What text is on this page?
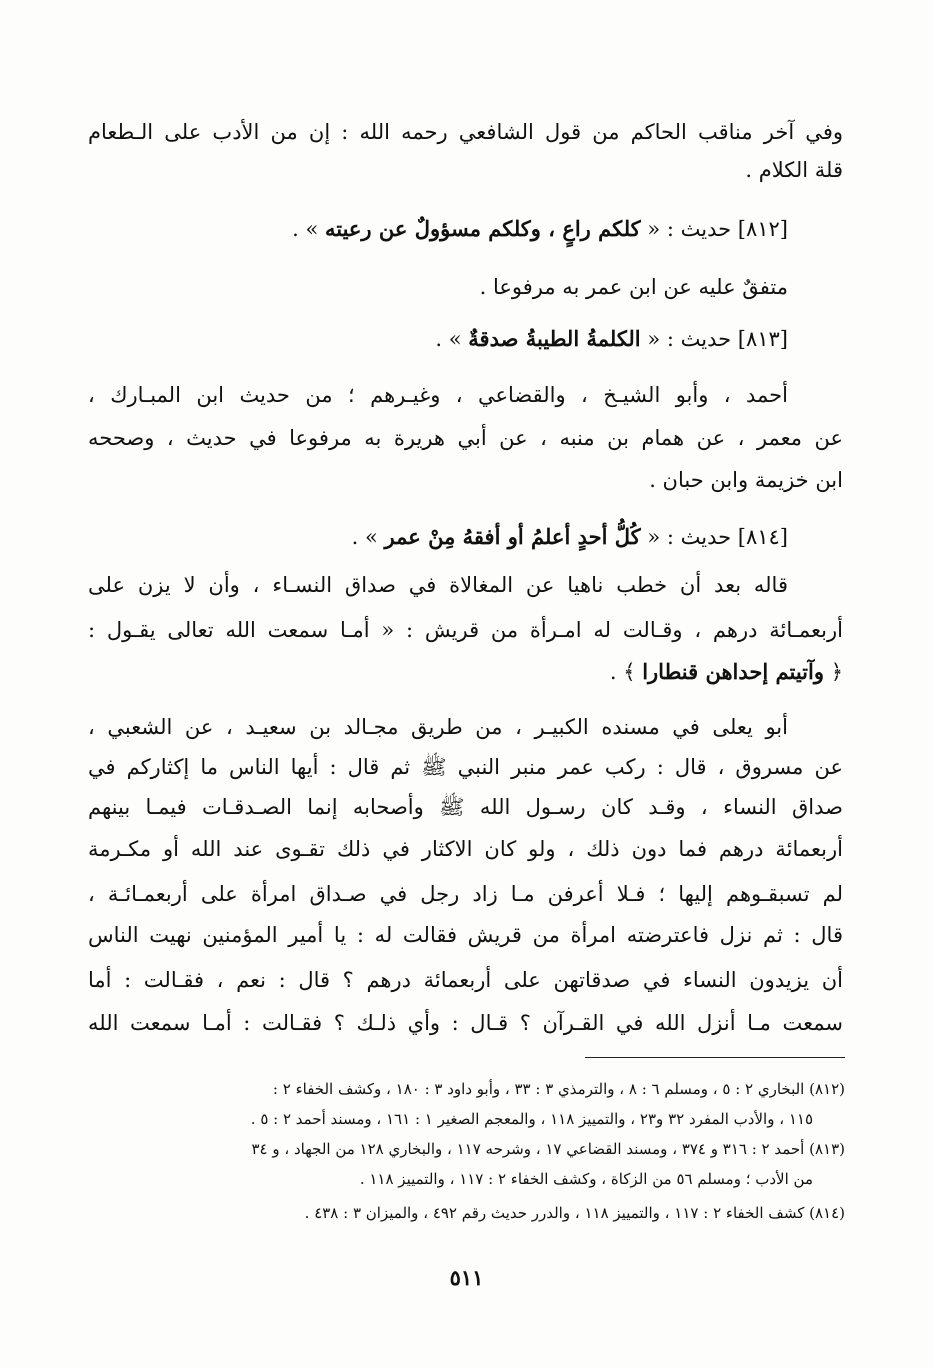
وفي آخر مناقب الحاكم من قول الشافعي رحمه الله : إن من الأدب على الـطعام
قلة الكلام .
[٨١٢] حديث : « كلكم راعٍ ، وكلكم مسؤولٌ عن رعيته » .
متفقٌ عليه عن ابن عمر به مرفوعا .
[٨١٣] حديث : « الكلمةُ الطيبةُ صدقةٌ » .
أحمد ، وأبو الشيـخ ، والقضاعي ، وغيـرهم ؛ من حديث ابن المبـارك ،
عن معمر ، عن همام بن منبه ، عن أبي هريرة به مرفوعا في حديث ، وصححه
ابن خزيمة وابن حبان .
[٨١٤] حديث : « كُلُّ أحدٍ أعلمُ أو أفقهُ مِنْ عمر » .
قاله بعد أن خطب ناهيا عن المغالاة في صداق النسـاء ، وأن لا يزن على
أربعمـائة درهم ، وقـالت له امـرأة من قريش : « أمـا سمعت الله تعالى يقـول :
﴿ وآتيتم إحداهن قنطارا ﴾ .
أبو يعلى في مسنده الكبيـر ، من طريق مجـالد بن سعيـد ، عن الشعبي ،
عن مسروق ، قال : ركب عمر منبر النبي ﷺ ثم قال : أيها الناس ما إكثاركم في
صداق النساء ، وقـد كان رسـول الله ﷺ وأصحابه إنما الصـدقـات فيمـا بينهم
أربعمائة درهم فما دون ذلك ، ولو كان الاكثار في ذلك تقـوى عند الله أو مكـرمة
لم تسبقـوهم إليها ؛ فـلا أعرفن مـا زاد رجل في صـداق امرأة على أربعمـائـة ،
قال : ثم نزل فاعترضته امرأة من قريش فقالت له : يا أمير المؤمنين نهيت الناس
أن يزيدون النساء في صدقاتهن على أربعمائة درهم ؟ قال : نعم ، فقـالت : أما
سمعت مـا أنزل الله في القـرآن ؟ قـال : وأي ذلـك ؟ فقـالت : أمـا سمعت الله
(٨١٢) البخاري ٢ : ٥ ، ومسلم ٦ : ٨ ، والترمذي ٣ : ٣٣ ، وأبو داود ٣ : ١٨٠ ، وكشف الخفاء ٢ :
١١٥ ، والأدب المفرد ٣٢ و٢٣ ، والتمييز ١١٨ ، والمعجم الصغير ١ : ١٦١ ، ومسند أحمد ٢ : ٥ .
(٨١٣) أحمد ٢ : ٣١٦ و ٣٧٤ ، ومسند القضاعي ١٧ ، وشرحه ١١٧ ، والبخاري ١٢٨ من الجهاد ، و ٣٤
من الأدب ؛ ومسلم ٥٦ من الزكاة ، وكشف الخفاء ٢ : ١١٧ ، والتمييز ١١٨ .
(٨١٤) كشف الخفاء ٢ : ١١٧ ، والتمييز ١١٨ ، والدرر حديث رقم ٤٩٢ ، والميزان ٣ : ٤٣٨ .
٥١١
